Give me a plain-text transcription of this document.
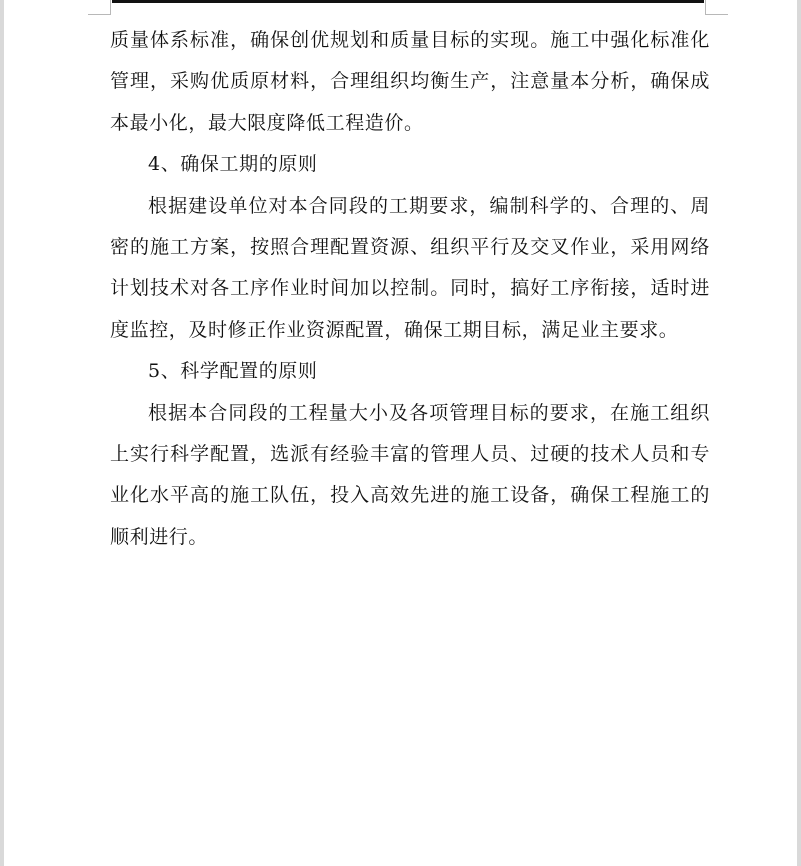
质量体系标准，确保创优规划和质量目标的实现。施工中强化标准化管理，采购优质原材料，合理组织均衡生产，注意量本分析，确保成本最小化，最大限度降低工程造价。

4、确保工期的原则

根据建设单位对本合同段的工期要求，编制科学的、合理的、周密的施工方案，按照合理配置资源、组织平行及交叉作业，采用网络计划技术对各工序作业时间加以控制。同时，搞好工序衔接，适时进度监控，及时修正作业资源配置，确保工期目标，满足业主要求。

5、科学配置的原则

根据本合同段的工程量大小及各项管理目标的要求，在施工组织上实行科学配置，选派有经验丰富的管理人员、过硬的技术人员和专业化水平高的施工队伍，投入高效先进的施工设备，确保工程施工的顺利进行。
